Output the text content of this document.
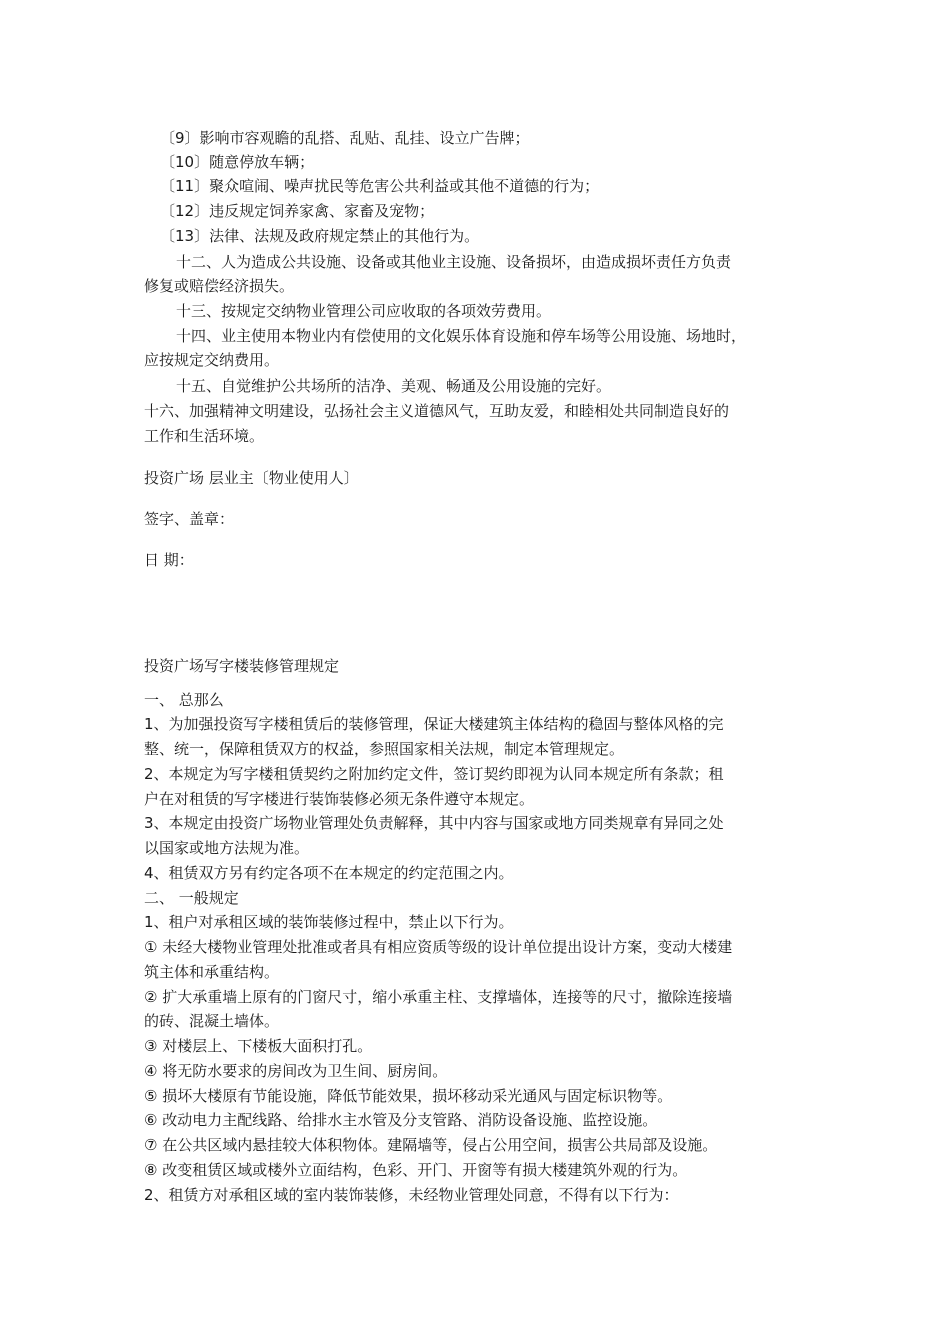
〔9〕影响市容观瞻的乱搭、乱贴、乱挂、设立广告牌；
〔10〕随意停放车辆；
〔11〕聚众喧闹、噪声扰民等危害公共利益或其他不道德的行为；
〔12〕违反规定饲养家禽、家畜及宠物；
〔13〕法律、法规及政府规定禁止的其他行为。
十二、人为造成公共设施、设备或其他业主设施、设备损坏，由造成损坏责任方负责
修复或赔偿经济损失。
十三、按规定交纳物业管理公司应收取的各项效劳费用。
十四、业主使用本物业内有偿使用的文化娱乐体育设施和停车场等公用设施、场地时，
应按规定交纳费用。
十五、自觉维护公共场所的洁净、美观、畅通及公用设施的完好。
十六、加强精神文明建设，弘扬社会主义道德风气，互助友爱，和睦相处共同制造良好的
工作和生活环境。
投资广场 层业主〔物业使用人〕
签字、盖章：
日 期：
投资广场写字楼装修管理规定
一、 总那么
1、为加强投资写字楼租赁后的装修管理，保证大楼建筑主体结构的稳固与整体风格的完
整、统一，保障租赁双方的权益，参照国家相关法规，制定本管理规定。
2、本规定为写字楼租赁契约之附加约定文件，签订契约即视为认同本规定所有条款；租
户在对租赁的写字楼进行装饰装修必须无条件遵守本规定。
3、本规定由投资广场物业管理处负责解释，其中内容与国家或地方同类规章有异同之处
以国家或地方法规为准。
4、租赁双方另有约定各项不在本规定的约定范围之内。
二、 一般规定
1、租户对承租区域的装饰装修过程中，禁止以下行为。
① 未经大楼物业管理处批准或者具有相应资质等级的设计单位提出设计方案，变动大楼建
筑主体和承重结构。
② 扩大承重墙上原有的门窗尺寸，缩小承重主柱、支撑墙体，连接等的尺寸，撤除连接墙
的砖、混凝土墙体。
③ 对楼层上、下楼板大面积打孔。
④ 将无防水要求的房间改为卫生间、厨房间。
⑤ 损坏大楼原有节能设施，降低节能效果，损坏移动采光通风与固定标识物等。
⑥ 改动电力主配线路、给排水主水管及分支管路、消防设备设施、监控设施。
⑦ 在公共区域内悬挂较大体积物体。建隔墙等，侵占公用空间，损害公共局部及设施。
⑧ 改变租赁区域或楼外立面结构，色彩、开门、开窗等有损大楼建筑外观的行为。
2、租赁方对承租区域的室内装饰装修，未经物业管理处同意，不得有以下行为：
